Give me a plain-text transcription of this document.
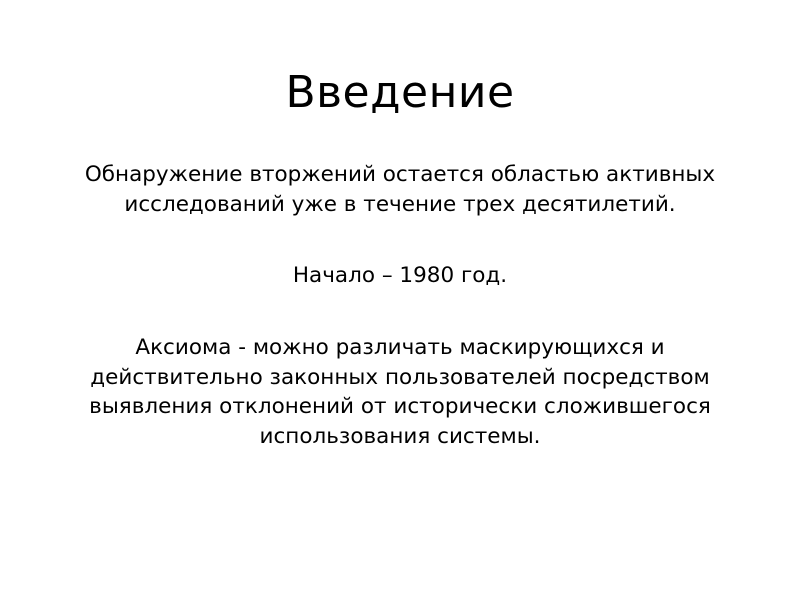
Введение

Обнаружение вторжений остается областью активных исследований уже в течение трех десятилетий.

Начало – 1980 год.

Аксиома - можно различать маскирующихся и действительно законных пользователей посредством выявления отклонений от исторически сложившегося использования системы.
